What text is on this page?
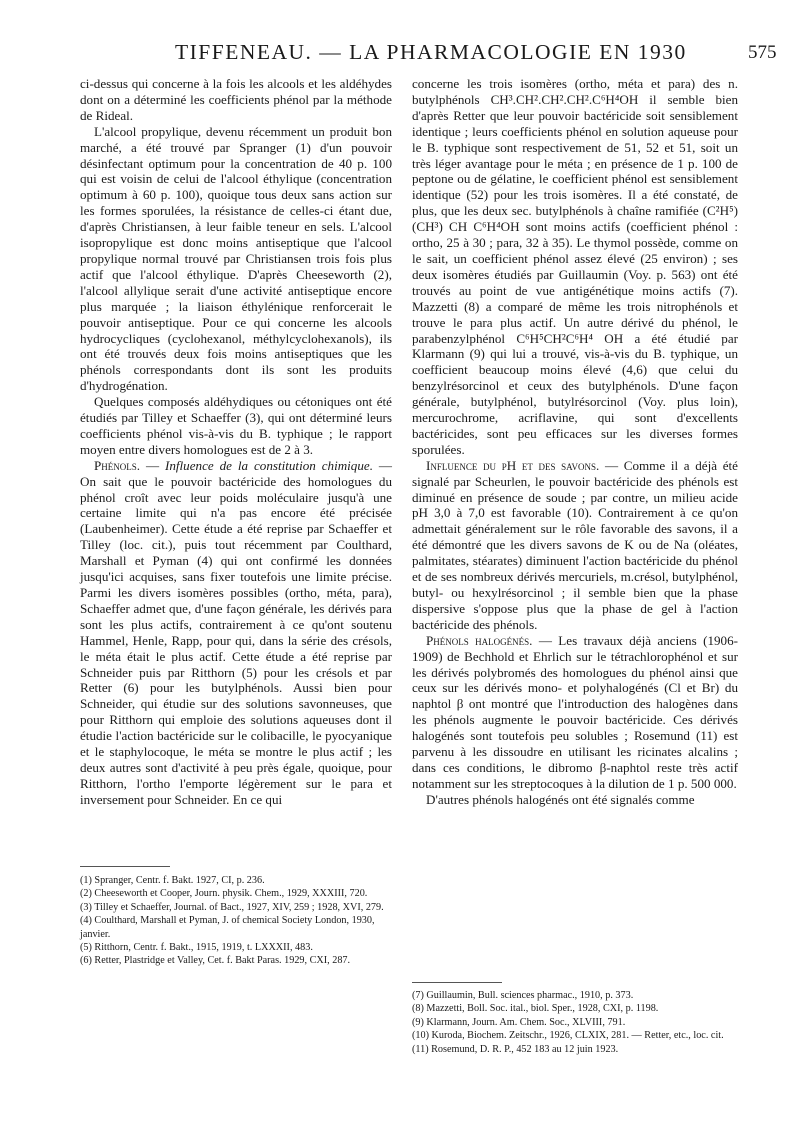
TIFFENEAU. — LA PHARMACOLOGIE EN 1930	575

ci-dessus qui concerne à la fois les alcools et les aldéhydes dont on a déterminé les coefficients phénol par la méthode de Rideal.

L'alcool propylique, devenu récemment un produit bon marché, a été trouvé par Spranger (1) d'un pouvoir désinfectant optimum pour la concentration de 40 p. 100 qui est voisin de celui de l'alcool éthylique (concentration optimum à 60 p. 100), quoique tous deux sans action sur les formes sporulées, la résistance de celles-ci étant due, d'après Christiansen, à leur faible teneur en sels. L'alcool isopropylique est donc moins antiseptique que l'alcool propylique normal trouvé par Christiansen trois fois plus actif que l'alcool éthylique. D'après Cheeseworth (2), l'alcool allylique serait d'une activité antiseptique encore plus marquée ; la liaison éthylénique renforcerait le pouvoir antiseptique. Pour ce qui concerne les alcools hydrocycliques (cyclohexanol, méthylcyclohexanols), ils ont été trouvés deux fois moins antiseptiques que les phénols correspondants dont ils sont les produits d'hydrogénation.

Quelques composés aldéhydiques ou cétoniques ont été étudiés par Tilley et Schaeffer (3), qui ont déterminé leurs coefficients phénol vis-à-vis du B. typhique ; le rapport moyen entre divers homologues est de 2 à 3.

Phénols. — Influence de la constitution chimique. — On sait que le pouvoir bactéricide des homologues du phénol croît avec leur poids moléculaire jusqu'à une certaine limite qui n'a pas encore été précisée (Laubenheimer). Cette étude a été reprise par Schaeffer et Tilley (loc. cit.), puis tout récemment par Coulthard, Marshall et Pyman (4) qui ont confirmé les données jusqu'ici acquises, sans fixer toutefois une limite précise. Parmi les divers isomères possibles (ortho, méta, para), Schaeffer admet que, d'une façon générale, les dérivés para sont les plus actifs, contrairement à ce qu'ont soutenu Hammel, Henle, Rapp, pour qui, dans la série des crésols, le méta était le plus actif. Cette étude a été reprise par Schneider puis par Ritthorn (5) pour les crésols et par Retter (6) pour les butylphénols. Aussi bien pour Schneider, qui étudie sur des solutions savonneuses, que pour Ritthorn qui emploie des solutions aqueuses dont il étudie l'action bactéricide sur le colibacille, le pyocyanique et le staphylocoque, le méta se montre le plus actif ; les deux autres sont d'activité à peu près égale, quoique, pour Ritthorn, l'ortho l'emporte légèrement sur le para et inversement pour Schneider. En ce qui

concerne les trois isomères (ortho, méta et para) des n. butylphénols CH³.CH².CH².CH².C⁶H⁴OH il semble bien d'après Retter que leur pouvoir bactéricide soit sensiblement identique ; leurs coefficients phénol en solution aqueuse pour le B. typhique sont respectivement de 51, 52 et 51, soit un très léger avantage pour le méta ; en présence de 1 p. 100 de peptone ou de gélatine, le coefficient phénol est sensiblement identique (52) pour les trois isomères. Il a été constaté, de plus, que les deux sec. butylphénols à chaîne ramifiée (C²H⁵) (CH³) CH C⁶H⁴OH sont moins actifs (coefficient phénol : ortho, 25 à 30 ; para, 32 à 35). Le thymol possède, comme on le sait, un coefficient phénol assez élevé (25 environ) ; ses deux isomères étudiés par Guillaumin (Voy. p. 563) ont été trouvés au point de vue antigénétique moins actifs (7). Mazzetti (8) a comparé de même les trois nitrophénols et trouve le para plus actif. Un autre dérivé du phénol, le parabenzylphénol C⁶H⁵CH²C⁶H⁴ OH a été étudié par Klarmann (9) qui lui a trouvé, vis-à-vis du B. typhique, un coefficient beaucoup moins élevé (4,6) que celui du benzylrésorcinol et ceux des butylphénols. D'une façon générale, butylphénol, butylrésorcinol (Voy. plus loin), mercurochrome, acriflavine, qui sont d'excellents bactéricides, sont peu efficaces sur les diverses formes sporulées.

Influence du pH et des savons. — Comme il a déjà été signalé par Scheurlen, le pouvoir bactéricide des phénols est diminué en présence de soude ; par contre, un milieu acide pH 3,0 à 7,0 est favorable (10). Contrairement à ce qu'on admettait généralement sur le rôle favorable des savons, il a été démontré que les divers savons de K ou de Na (oléates, palmitates, stéarates) diminuent l'action bactéricide du phénol et de ses nombreux dérivés mercuriels, m.crésol, butylphénol, butyl- ou hexylrésorcinol ; il semble bien que la phase dispersive s'oppose plus que la phase de gel à l'action bactéricide des phénols.

Phénols halogénés. — Les travaux déjà anciens (1906-1909) de Bechhold et Ehrlich sur le tétrachlorophénol et sur les dérivés polybromés des homologues du phénol ainsi que ceux sur les dérivés mono- et polyhalogénés (Cl et Br) du naphtol β ont montré que l'introduction des halogènes dans les phénols augmente le pouvoir bactéricide. Ces dérivés halogénés sont toutefois peu solubles ; Rosemund (11) est parvenu à les dissoudre en utilisant les ricinates alcalins ; dans ces conditions, le dibromo β-naphtol reste très actif notamment sur les streptocoques à la dilution de 1 p. 500 000.

D'autres phénols halogénés ont été signalés comme

(1) Spranger, Centr. f. Bakt. 1927, CI, p. 236.

(2) Cheeseworth et Cooper, Journ. physik. Chem., 1929, XXXIII, 720.

(3) Tilley et Schaeffer, Journal. of Bact., 1927, XIV, 259 ; 1928, XVI, 279.

(4) Coulthard, Marshall et Pyman, J. of chemical Society London, 1930, janvier.

(5) Ritthorn, Centr. f. Bakt., 1915, 1919, t. LXXXII, 483.

(6) Retter, Plastridge et Valley, Cet. f. Bakt Paras. 1929, CXI, 287.

(7) Guillaumin, Bull. sciences pharmac., 1910, p. 373.

(8) Mazzetti, Boll. Soc. ital., biol. Sper., 1928, CXI, p. 1198.

(9) Klarmann, Journ. Am. Chem. Soc., XLVIII, 791.

(10) Kuroda, Biochem. Zeitschr., 1926, CLXIX, 281. — Retter, etc., loc. cit.

(11) Rosemund, D. R. P., 452 183 au 12 juin 1923.
